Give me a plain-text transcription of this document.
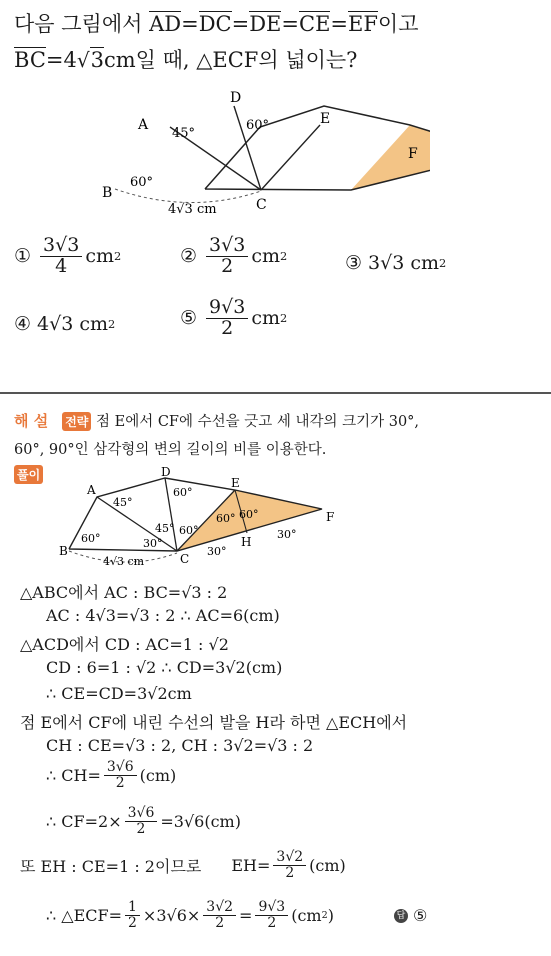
다음 그림에서 AD=DC=DE=CE=EF이고
BC=4√3cm일 때, △ECF의 넓이는?
A
B
C
D
E
F
45°
60°
60°
4√3 cm
① $\frac{3√3}{4}$ cm 2	② $\frac{3√3}{2}$ cm 2	③ 3√3 cm 2
④ 4√3 cm 2	⑤ $\frac{9√3}{2}$ cm 2
해 설 전략 점 E에서 CF에 수선을 긋고 세 내각의 크기가 30°,
60°, 90°인 삼각형의 변의 길이의 비를 이용한다.
풀이
A
B
C
D
E
F
H
45°
60°
60°
45° 60°
30°
60° 60°
30°
30°
4√3 cm
△ABC에서 AC : BC=√3 : 2
AC : 4√3=√3 : 2 ∴ AC=6(cm)
△ACD에서 CD : AC=1 : √2
CD : 6=1 : √2 ∴ CD=3√2(cm)
∴ CE=CD=3√2cm
점 E에서 CF에 내린 수선의 발을 H라 하면 △ECH에서
CH : CE=√3 : 2, CH : 3√2=√3 : 2
∴ $CH= \frac{3√6}{2} (cm)$
∴ $CF=2\times \frac{3√6}{2} =3√6(cm)$
또 EH : CE=1 : 2이므로 $EH= \frac{3√2}{2} (cm)$
∴ △ECF= $\frac{1}{2} \times 3√6\times \frac{3√2}{2} = \frac{9√3}{2} (cm$ 2 )	답 ⑤
